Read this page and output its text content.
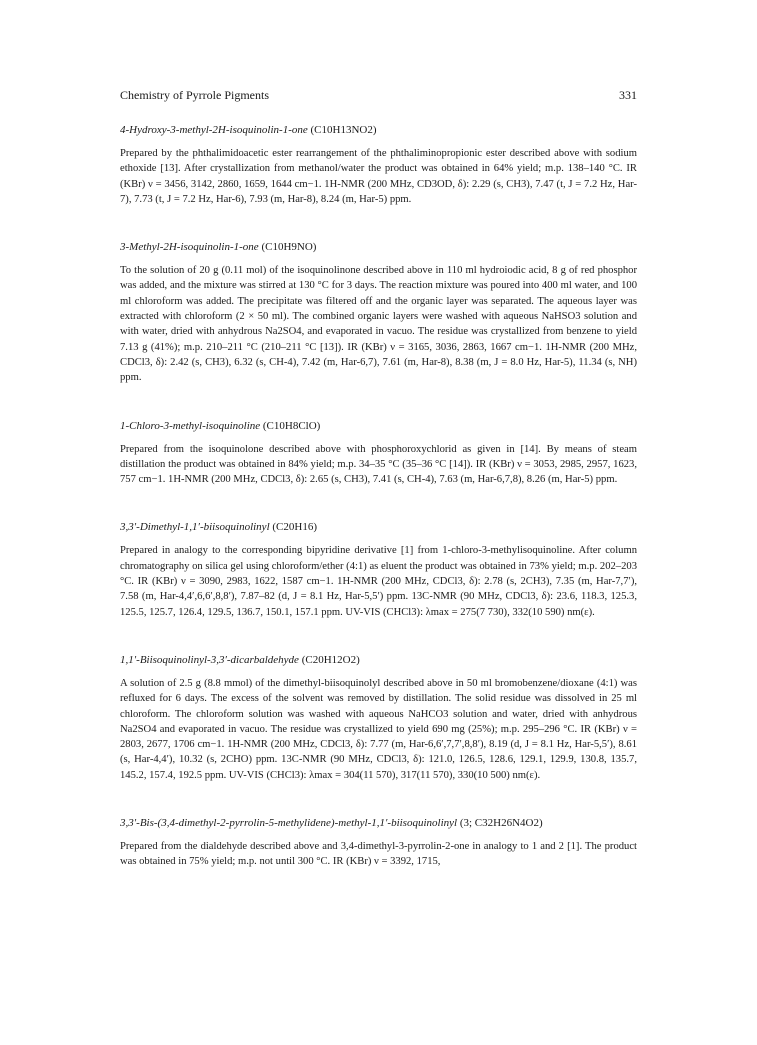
Chemistry of Pyrrole Pigments	331

4-Hydroxy-3-methyl-2H-isoquinolin-1-one (C10H13NO2)

Prepared by the phthalimidoacetic ester rearrangement of the phthaliminopropionic ester described above with sodium ethoxide [13]. After crystallization from methanol/water the product was obtained in 64% yield; m.p. 138–140 °C. IR (KBr) ν = 3456, 3142, 2860, 1659, 1644 cm−1. 1H-NMR (200 MHz, CD3OD, δ): 2.29 (s, CH3), 7.47 (t, J = 7.2 Hz, Har-7), 7.73 (t, J = 7.2 Hz, Har-6), 7.93 (m, Har-8), 8.24 (m, Har-5) ppm.

3-Methyl-2H-isoquinolin-1-one (C10H9NO)

To the solution of 20 g (0.11 mol) of the isoquinolinone described above in 110 ml hydroiodic acid, 8 g of red phosphor was added, and the mixture was stirred at 130 °C for 3 days. The reaction mixture was poured into 400 ml water, and 100 ml chloroform was added. The precipitate was filtered off and the organic layer was separated. The aqueous layer was extracted with chloroform (2 × 50 ml). The combined organic layers were washed with aqueous NaHSO3 solution and with water, dried with anhydrous Na2SO4, and evaporated in vacuo. The residue was crystallized from benzene to yield 7.13 g (41%); m.p. 210–211 °C (210–211 °C [13]). IR (KBr) ν = 3165, 3036, 2863, 1667 cm−1. 1H-NMR (200 MHz, CDCl3, δ): 2.42 (s, CH3), 6.32 (s, CH-4), 7.42 (m, Har-6,7), 7.61 (m, Har-8), 8.38 (m, J = 8.0 Hz, Har-5), 11.34 (s, NH) ppm.

1-Chloro-3-methyl-isoquinoline (C10H8ClO)

Prepared from the isoquinolone described above with phosphoroxychlorid as given in [14]. By means of steam distillation the product was obtained in 84% yield; m.p. 34–35 °C (35–36 °C [14]). IR (KBr) ν = 3053, 2985, 2957, 1623, 757 cm−1. 1H-NMR (200 MHz, CDCl3, δ): 2.65 (s, CH3), 7.41 (s, CH-4), 7.63 (m, Har-6,7,8), 8.26 (m, Har-5) ppm.

3,3′-Dimethyl-1,1′-biisoquinolinyl (C20H16)

Prepared in analogy to the corresponding bipyridine derivative [1] from 1-chloro-3-methylisoquinoline. After column chromatography on silica gel using chloroform/ether (4:1) as eluent the product was obtained in 73% yield; m.p. 202–203 °C. IR (KBr) ν = 3090, 2983, 1622, 1587 cm−1. 1H-NMR (200 MHz, CDCl3, δ): 2.78 (s, 2CH3), 7.35 (m, Har-7,7′), 7.58 (m, Har-4,4′,6,6′,8,8′), 7.87–82 (d, J = 8.1 Hz, Har-5,5′) ppm. 13C-NMR (90 MHz, CDCl3, δ): 23.6, 118.3, 125.3, 125.5, 125.7, 126.4, 129.5, 136.7, 150.1, 157.1 ppm. UV-VIS (CHCl3): λmax = 275(7 730), 332(10 590) nm(ε).

1,1′-Biisoquinolinyl-3,3′-dicarbaldehyde (C20H12O2)

A solution of 2.5 g (8.8 mmol) of the dimethyl-biisoquinolyl described above in 50 ml bromobenzene/dioxane (4:1) was refluxed for 6 days. The excess of the solvent was removed by distillation. The solid residue was dissolved in 25 ml chloroform. The chloroform solution was washed with aqueous NaHCO3 solution and water, dried with anhydrous Na2SO4 and evaporated in vacuo. The residue was crystallized to yield 690 mg (25%); m.p. 295–296 °C. IR (KBr) ν = 2803, 2677, 1706 cm−1. 1H-NMR (200 MHz, CDCl3, δ): 7.77 (m, Har-6,6′,7,7′,8,8′), 8.19 (d, J = 8.1 Hz, Har-5,5′), 8.61 (s, Har-4,4′), 10.32 (s, 2CHO) ppm. 13C-NMR (90 MHz, CDCl3, δ): 121.0, 126.5, 128.6, 129.1, 129.9, 130.8, 135.7, 145.2, 157.4, 192.5 ppm. UV-VIS (CHCl3): λmax = 304(11 570), 317(11 570), 330(10 500) nm(ε).

3,3′-Bis-(3,4-dimethyl-2-pyrrolin-5-methylidene)-methyl-1,1′-biisoquinolinyl (3; C32H26N4O2)

Prepared from the dialdehyde described above and 3,4-dimethyl-3-pyrrolin-2-one in analogy to 1 and 2 [1]. The product was obtained in 75% yield; m.p. not until 300 °C. IR (KBr) ν = 3392, 1715,
